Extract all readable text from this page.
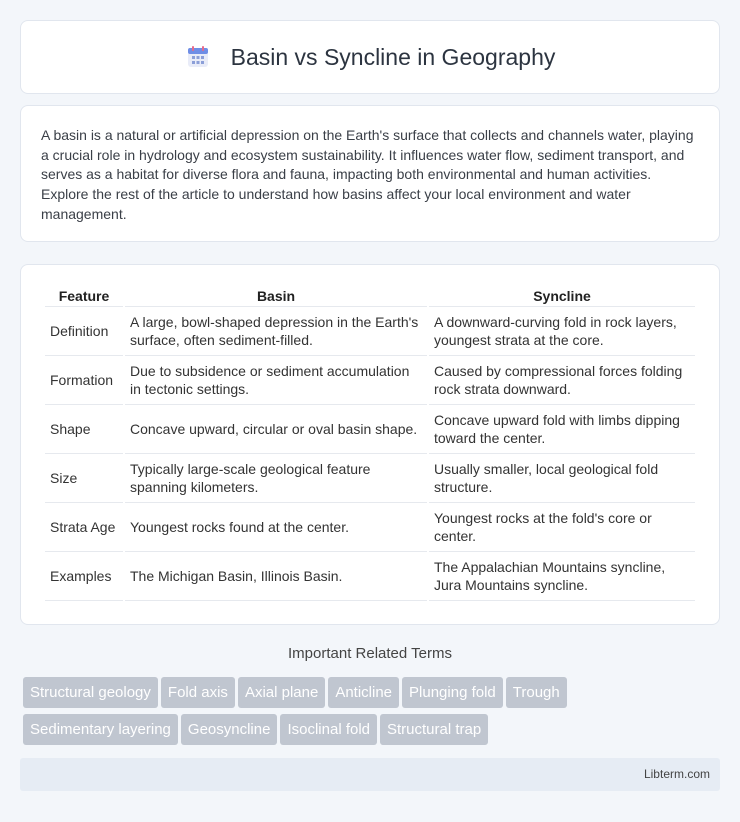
Basin vs Syncline in Geography

A basin is a natural or artificial depression on the Earth's surface that collects and channels water, playing a crucial role in hydrology and ecosystem sustainability. It influences water flow, sediment transport, and serves as a habitat for diverse flora and fauna, impacting both environmental and human activities. Explore the rest of the article to understand how basins affect your local environment and water management.

Feature	Basin	Syncline
Definition	A large, bowl-shaped depression in the Earth's surface, often sediment-filled.	A downward-curving fold in rock layers, youngest strata at the core.
Formation	Due to subsidence or sediment accumulation in tectonic settings.	Caused by compressional forces folding rock strata downward.
Shape	Concave upward, circular or oval basin shape.	Concave upward fold with limbs dipping toward the center.
Size	Typically large-scale geological feature spanning kilometers.	Usually smaller, local geological fold structure.
Strata Age	Youngest rocks found at the center.	Youngest rocks at the fold's core or center.
Examples	The Michigan Basin, Illinois Basin.	The Appalachian Mountains syncline, Jura Mountains syncline.
Important Related Terms
Structural geology Fold axis Axial plane Anticline Plunging fold Trough
Sedimentary layering Geosyncline Isoclinal fold Structural trap
Libterm.com
